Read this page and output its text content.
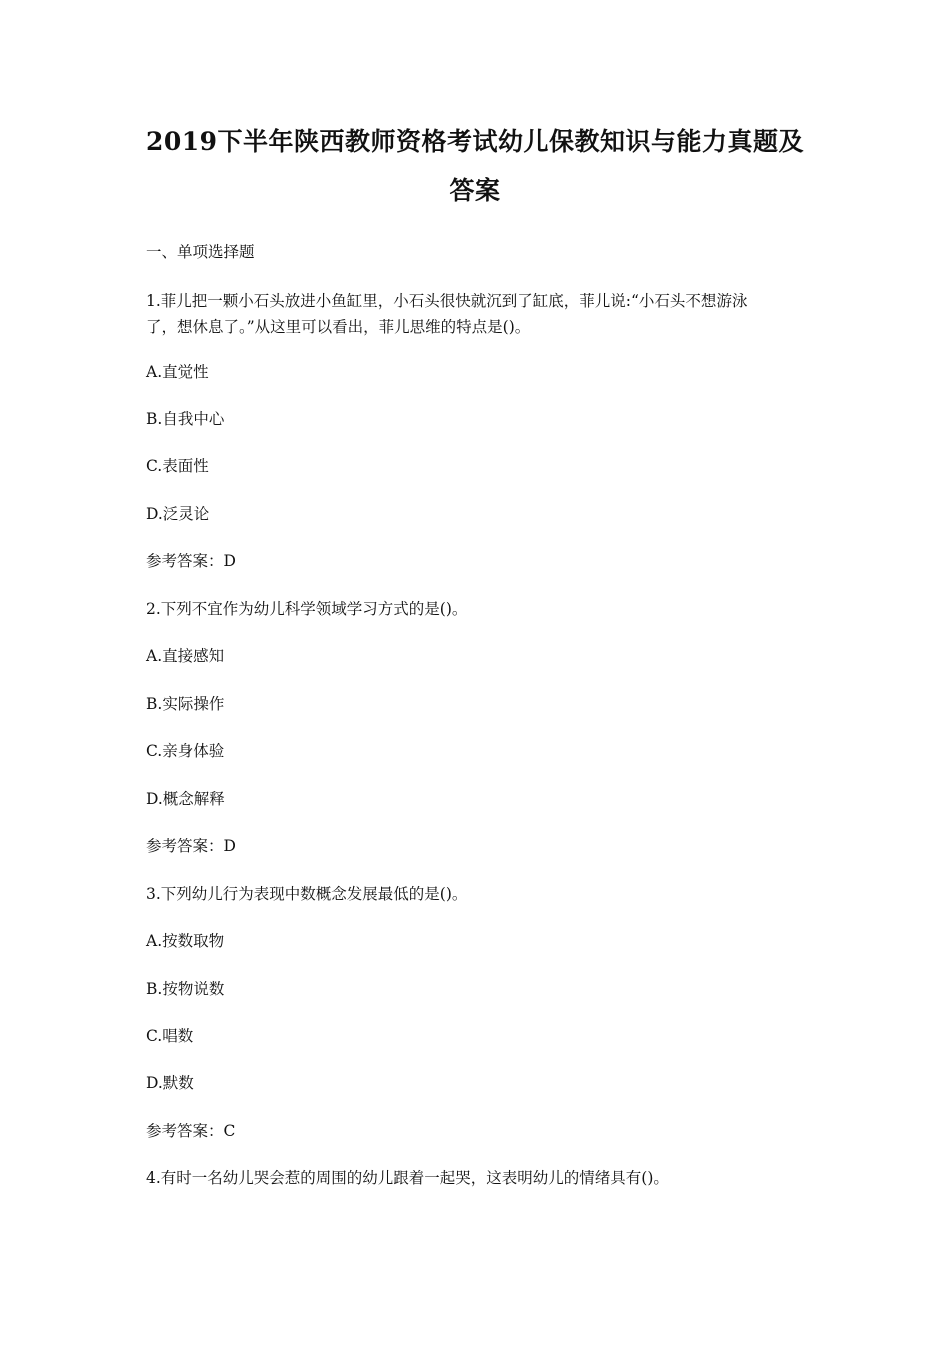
2019下半年陕西教师资格考试幼儿保教知识与能力真题及
答案
一、单项选择题
1.菲儿把一颗小石头放进小鱼缸里，小石头很快就沉到了缸底，菲儿说:“小石头不想游泳
了，想休息了。”从这里可以看出，菲儿思维的特点是()。
A.直觉性
B.自我中心
C.表面性
D.泛灵论
参考答案：D
2.下列不宜作为幼儿科学领域学习方式的是()。
A.直接感知
B.实际操作
C.亲身体验
D.概念解释
参考答案：D
3.下列幼儿行为表现中数概念发展最低的是()。
A.按数取物
B.按物说数
C.唱数
D.默数
参考答案：C
4.有时一名幼儿哭会惹的周围的幼儿跟着一起哭，这表明幼儿的情绪具有()。
